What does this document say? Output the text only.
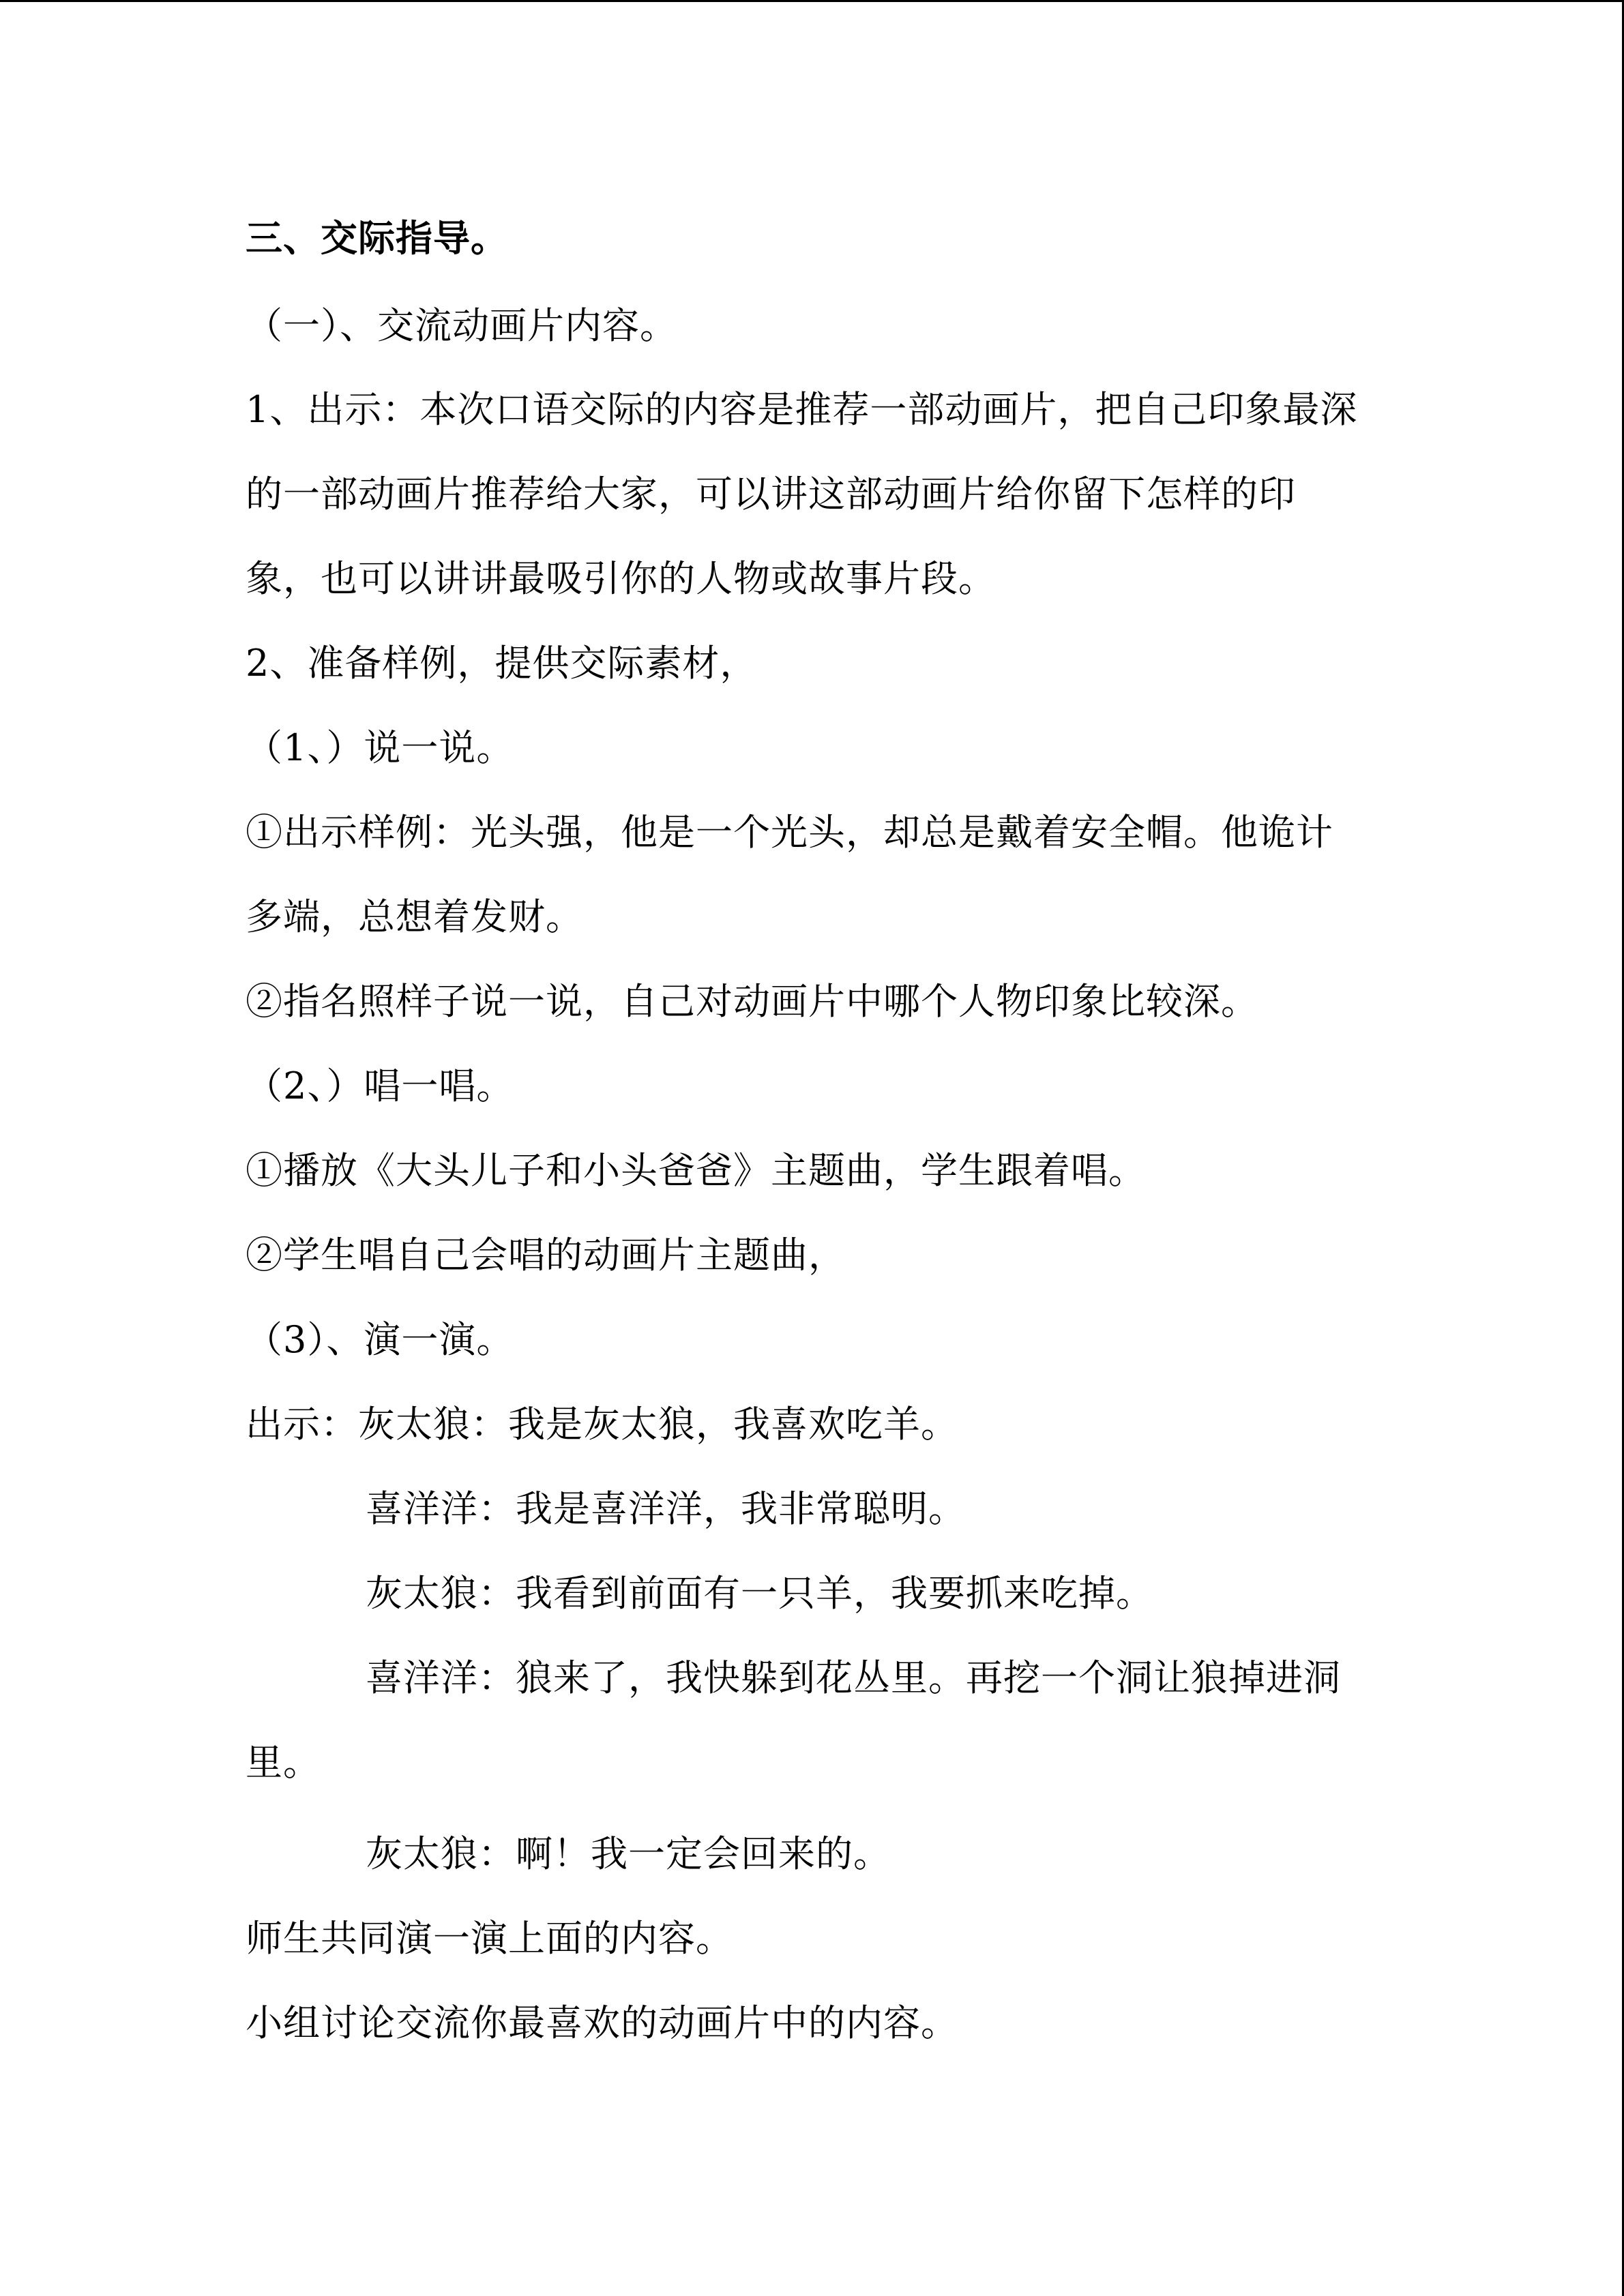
三、交际指导。
（一）、交流动画片内容。
1、出示：本次口语交际的内容是推荐一部动画片，把自己印象最深
的一部动画片推荐给大家，可以讲这部动画片给你留下怎样的印
象，也可以讲讲最吸引你的人物或故事片段。
2、准备样例，提供交际素材，
（1、）说一说。
①出示样例：光头强，他是一个光头，却总是戴着安全帽。他诡计
多端，总想着发财。
②指名照样子说一说，自己对动画片中哪个人物印象比较深。
（2、）唱一唱。
①播放《大头儿子和小头爸爸》主题曲，学生跟着唱。
②学生唱自己会唱的动画片主题曲，
（3）、演一演。
出示：灰太狼：我是灰太狼，我喜欢吃羊。
喜洋洋：我是喜洋洋，我非常聪明。
灰太狼：我看到前面有一只羊，我要抓来吃掉。
喜洋洋：狼来了，我快躲到花丛里。再挖一个洞让狼掉进洞
里。
灰太狼：啊！我一定会回来的。
师生共同演一演上面的内容。
小组讨论交流你最喜欢的动画片中的内容。
